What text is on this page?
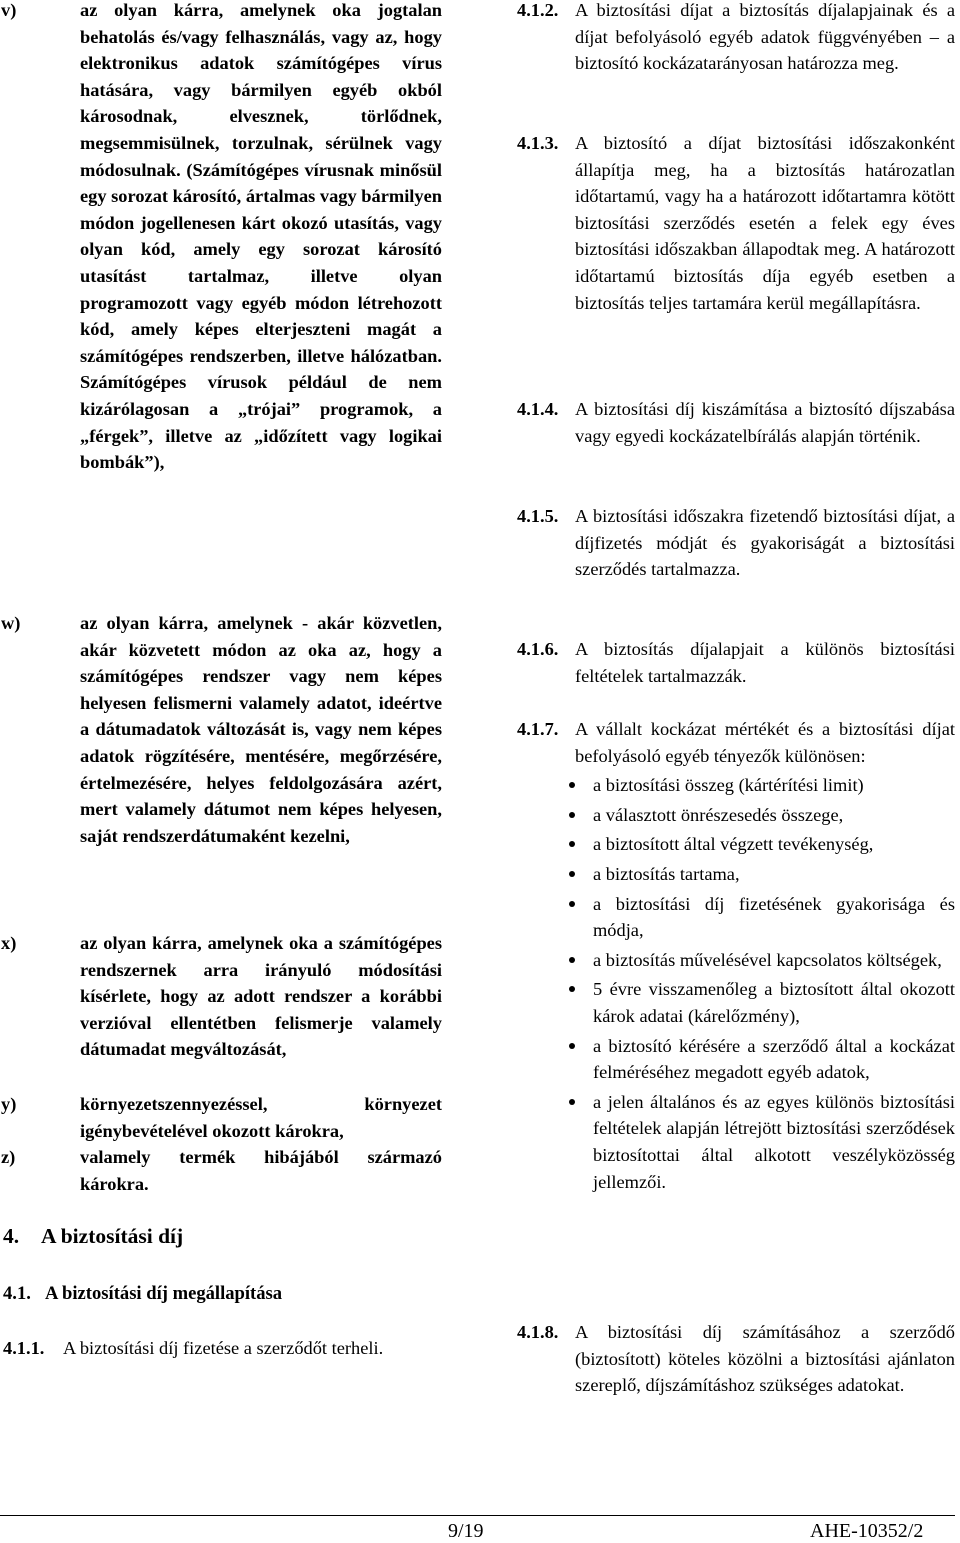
v)	az olyan kárra, amelynek oka jogtalan behatolás és/vagy felhasználás, vagy az, hogy elektronikus adatok számítógépes vírus hatására, vagy bármilyen egyéb okból károsodnak, elvesznek, törlődnek, megsemmisülnek, torzulnak, sérülnek vagy módosulnak. (Számítógépes vírusnak minősül egy sorozat károsító, ártalmas vagy bármilyen módon jogellenesen kárt okozó utasítás, vagy olyan kód, amely egy sorozat károsító utasítást tartalmaz, illetve olyan programozott vagy egyéb módon létrehozott kód, amely képes elterjeszteni magát a számítógépes rendszerben, illetve hálózatban. Számítógépes vírusok például de nem kizárólagosan a „trójai” programok, a „férgek”, illetve az „időzített vagy logikai bombák”),
w)	az olyan kárra, amelynek - akár közvetlen, akár közvetett módon az oka az, hogy a számítógépes rendszer vagy nem képes helyesen felismerni valamely adatot, ideértve a dátumadatok változását is, vagy nem képes adatok rögzítésére, mentésére, megőrzésére, értelmezésére, helyes feldolgozására azért, mert valamely dátumot nem képes helyesen, saját rendszerdátumaként kezelni,
x)	az olyan kárra, amelynek oka a számítógépes rendszernek arra irányuló módosítási kísérlete, hogy az adott rendszer a korábbi verzióval ellentétben felismerje valamely dátumadat megváltozását,
y)	környezetszennyezéssel, környezet igénybevételével okozott károkra,
z)	valamely termék hibájából származó károkra.
4. A biztosítási díj
4.1. A biztosítási díj megállapítása
4.1.1. A biztosítási díj fizetése a szerződőt terheli.
4.1.2. A biztosítási díjat a biztosítás díjalapjainak és a díjat befolyásoló egyéb adatok függvényében – a biztosító kockázatarányosan határozza meg.
4.1.3. A biztosító a díjat biztosítási időszakonként állapítja meg, ha a biztosítás határozatlan időtartamú, vagy ha a határozott időtartamra kötött biztosítási szerződés esetén a felek egy éves biztosítási időszakban állapodtak meg. A határozott időtartamú biztosítás díja egyéb esetben a biztosítás teljes tartamára kerül megállapításra.
4.1.4. A biztosítási díj kiszámítása a biztosító díjszabása vagy egyedi kockázatelbírálás alapján történik.
4.1.5. A biztosítási időszakra fizetendő biztosítási díjat, a díjfizetés módját és gyakoriságát a biztosítási szerződés tartalmazza.
4.1.6. A biztosítás díjalapjait a különös biztosítási feltételek tartalmazzák.
4.1.7. A vállalt kockázat mértékét és a biztosítási díjat befolyásoló egyéb tényezők különösen:
a biztosítási összeg (kártérítési limit)
a választott önrészesedés összege,
a biztosított által végzett tevékenység,
a biztosítás tartama,
a biztosítási díj fizetésének gyakorisága és módja,
a biztosítás művelésével kapcsolatos költségek,
5 évre visszamenőleg a biztosított által okozott károk adatai (kárelőzmény),
a biztosító kérésére a szerződő által a kockázat felméréséhez megadott egyéb adatok,
a jelen általános és az egyes különös biztosítási feltételek alapján létrejött biztosítási szerződések biztosítottai által alkotott veszélyközösség jellemzői.
4.1.8. A biztosítási díj számításához a szerződő (biztosított) köteles közölni a biztosítási ajánlaton szereplő, díjszámításhoz szükséges adatokat.
9/19	AHE-10352/2
